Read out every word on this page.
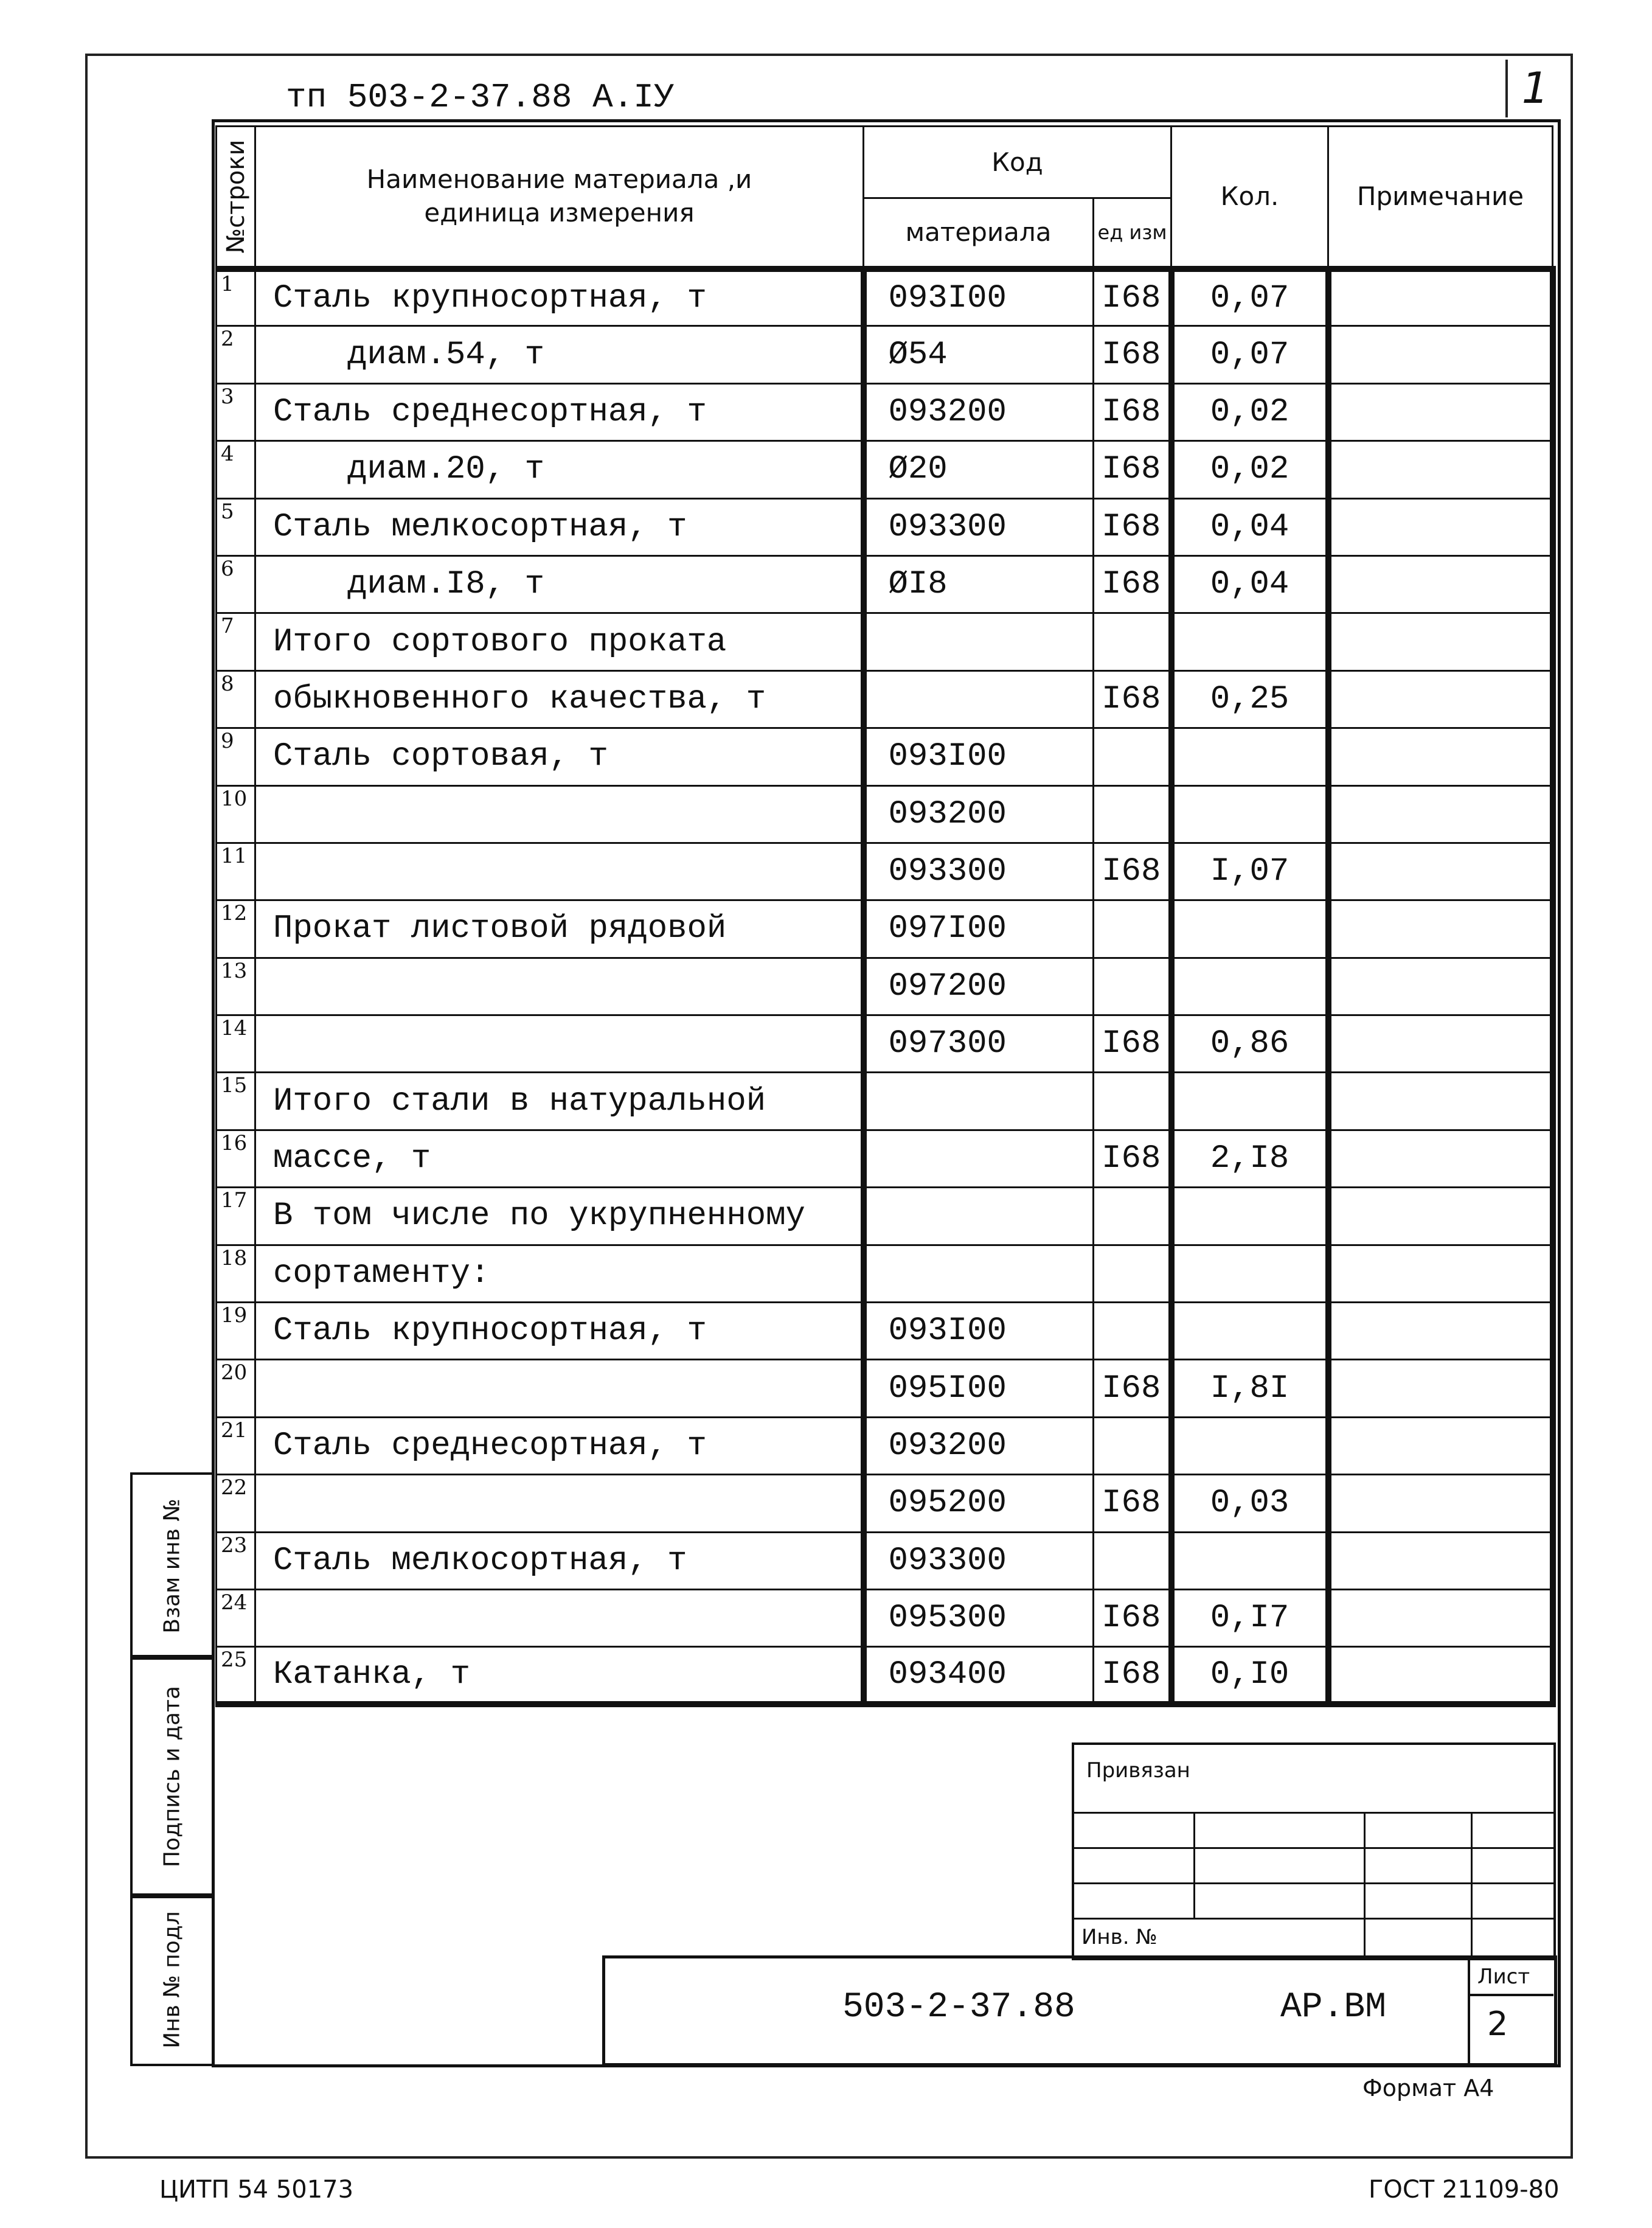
тп 503-2-37.88 А.IУ	1
№строки	Наименование материала ,и единица измерения	Код		Кол.	Примечание
		материала	ед изм		
1	Сталь крупносортная, т	093I00	I68	0,07	
2	диам.54, т	Ø54	I68	0,07	
3	Сталь среднесортная, т	093200	I68	0,02	
4	диам.20, т	Ø20	I68	0,02	
5	Сталь мелкосортная, т	093300	I68	0,04	
6	диам.I8, т	ØI8	I68	0,04	
7	Итого сортового проката				
8	обыкновенного качества, т		I68	0,25	
9	Сталь сортовая, т	093I00			
10		093200			
11		093300	I68	I,07	
12	Прокат листовой рядовой	097I00			
13		097200			
14		097300	I68	0,86	
15	Итого стали в натуральной				
16	массе, т		I68	2,I8	
17	В том числе по укрупненному				
18	сортаменту:				
19	Сталь крупносортная, т	093I00			
20		095I00	I68	I,8I	
21	Сталь среднесортная, т	093200			
22		095200	I68	0,03	
23	Сталь мелкосортная, т	093300			
24		095300	I68	0,I7	
25	Катанка, т	093400	I68	0,I0	
Взам инв №
Подпись и дата
Инв № подл
Привязан
Инв. №
503-2-37.88	АР.ВМ
Лист
2
Формат А4
ЦИТП 54 50173	ГОСТ 21109-80
